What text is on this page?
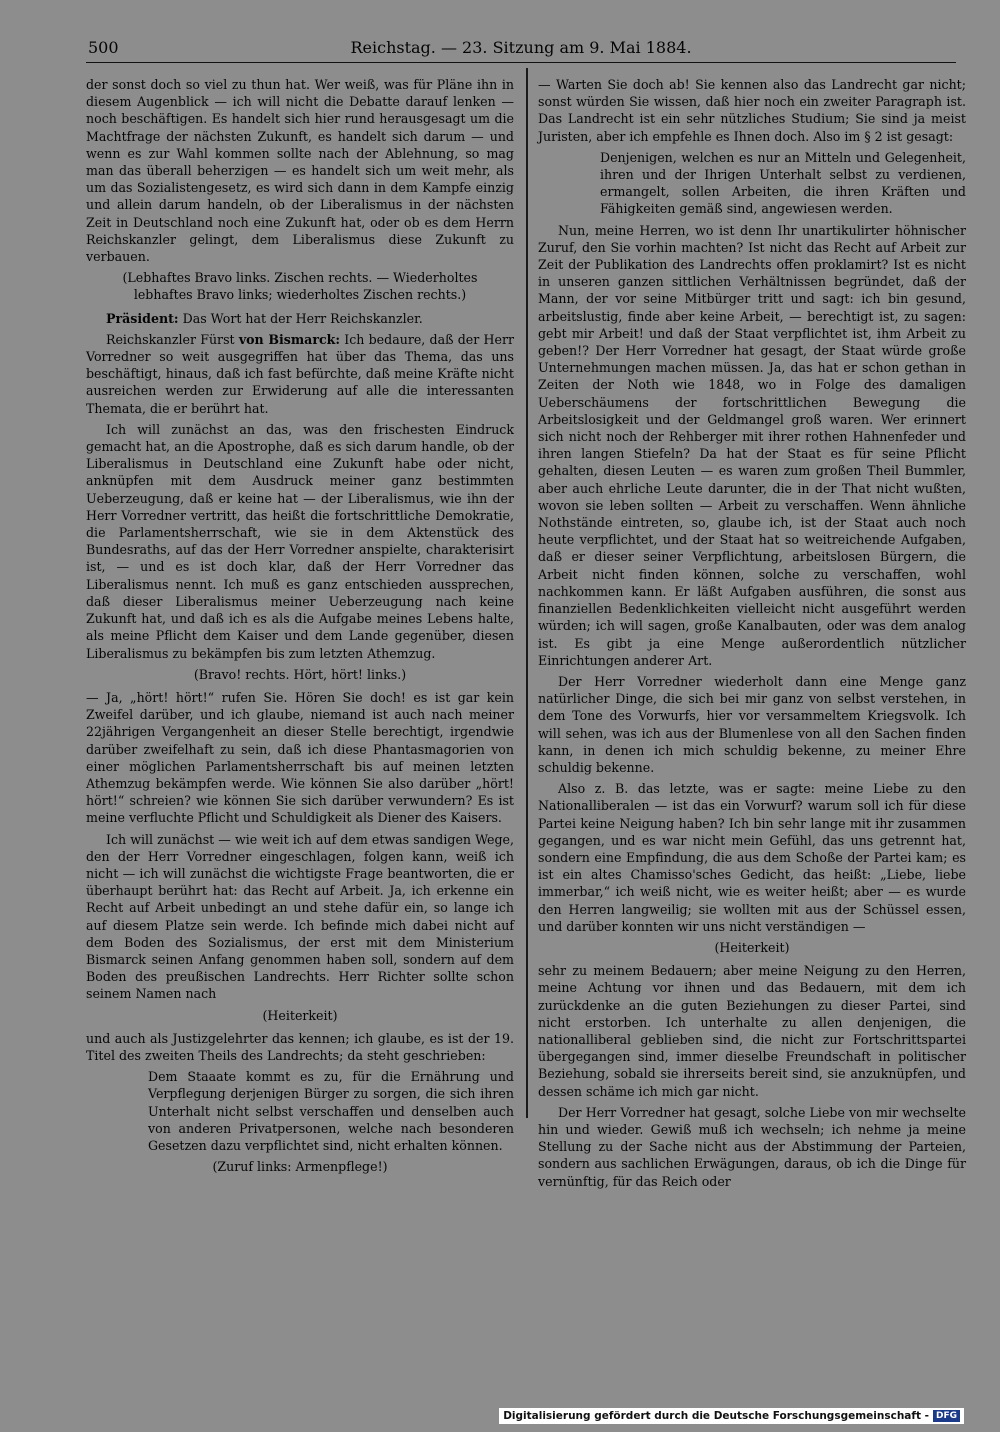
500	Reichstag. — 23. Sitzung am 9. Mai 1884.

der sonst doch so viel zu thun hat. Wer weiß, was für Pläne ihn in diesem Augenblick — ich will nicht die Debatte darauf lenken — noch beschäftigen. Es handelt sich hier rund herausgesagt um die Machtfrage der nächsten Zukunft, es handelt sich darum — und wenn es zur Wahl kommen sollte nach der Ablehnung, so mag man das überall beherzigen — es handelt sich um weit mehr, als um das Sozialistengesetz, es wird sich dann in dem Kampfe einzig und allein darum handeln, ob der Liberalismus in der nächsten Zeit in Deutschland noch eine Zukunft hat, oder ob es dem Herrn Reichskanzler gelingt, dem Liberalismus diese Zukunft zu verbauen.

(Lebhaftes Bravo links. Zischen rechts. — Wiederholtes lebhaftes Bravo links; wiederholtes Zischen rechts.)

Präsident: Das Wort hat der Herr Reichskanzler.

Reichskanzler Fürst von Bismarck: Ich bedaure, daß der Herr Vorredner so weit ausgegriffen hat über das Thema, das uns beschäftigt, hinaus, daß ich fast befürchte, daß meine Kräfte nicht ausreichen werden zur Erwiderung auf alle die interessanten Themata, die er berührt hat.

Ich will zunächst an das, was den frischesten Eindruck gemacht hat, an die Apostrophe, daß es sich darum handle, ob der Liberalismus in Deutschland eine Zukunft habe oder nicht, anknüpfen mit dem Ausdruck meiner ganz bestimmten Ueberzeugung, daß er keine hat — der Liberalismus, wie ihn der Herr Vorredner vertritt, das heißt die fortschrittliche Demokratie, die Parlamentsherrschaft, wie sie in dem Aktenstück des Bundesraths, auf das der Herr Vorredner anspielte, charakterisirt ist, — und es ist doch klar, daß der Herr Vorredner das Liberalismus nennt. Ich muß es ganz entschieden aussprechen, daß dieser Liberalismus meiner Ueberzeugung nach keine Zukunft hat, und daß ich es als die Aufgabe meines Lebens halte, als meine Pflicht dem Kaiser und dem Lande gegenüber, diesen Liberalismus zu bekämpfen bis zum letzten Athemzug.

(Bravo! rechts. Hört, hört! links.)

— Ja, „hört! hört!“ rufen Sie. Hören Sie doch! es ist gar kein Zweifel darüber, und ich glaube, niemand ist auch nach meiner 22jährigen Vergangenheit an dieser Stelle berechtigt, irgendwie darüber zweifelhaft zu sein, daß ich diese Phantasmagorien von einer möglichen Parlamentsherrschaft bis auf meinen letzten Athemzug bekämpfen werde. Wie können Sie also darüber „hört! hört!“ schreien? wie können Sie sich darüber verwundern? Es ist meine verfluchte Pflicht und Schuldigkeit als Diener des Kaisers.

Ich will zunächst — wie weit ich auf dem etwas sandigen Wege, den der Herr Vorredner eingeschlagen, folgen kann, weiß ich nicht — ich will zunächst die wichtigste Frage beantworten, die er überhaupt berührt hat: das Recht auf Arbeit. Ja, ich erkenne ein Recht auf Arbeit unbedingt an und stehe dafür ein, so lange ich auf diesem Platze sein werde. Ich befinde mich dabei nicht auf dem Boden des Sozialismus, der erst mit dem Ministerium Bismarck seinen Anfang genommen haben soll, sondern auf dem Boden des preußischen Landrechts. Herr Richter sollte schon seinem Namen nach

(Heiterkeit)

und auch als Justizgelehrter das kennen; ich glaube, es ist der 19. Titel des zweiten Theils des Landrechts; da steht geschrieben:

Dem Staaate kommt es zu, für die Ernährung und Verpflegung derjenigen Bürger zu sorgen, die sich ihren Unterhalt nicht selbst verschaffen und denselben auch von anderen Privatpersonen, welche nach besonderen Gesetzen dazu verpflichtet sind, nicht erhalten können.

(Zuruf links: Armenpflege!)

— Warten Sie doch ab! Sie kennen also das Landrecht gar nicht; sonst würden Sie wissen, daß hier noch ein zweiter Paragraph ist. Das Landrecht ist ein sehr nützliches Studium; Sie sind ja meist Juristen, aber ich empfehle es Ihnen doch. Also im § 2 ist gesagt:

Denjenigen, welchen es nur an Mitteln und Gelegenheit, ihren und der Ihrigen Unterhalt selbst zu verdienen, ermangelt, sollen Arbeiten, die ihren Kräften und Fähigkeiten gemäß sind, angewiesen werden.

Nun, meine Herren, wo ist denn Ihr unartikulirter höhnischer Zuruf, den Sie vorhin machten? Ist nicht das Recht auf Arbeit zur Zeit der Publikation des Landrechts offen proklamirt? Ist es nicht in unseren ganzen sittlichen Verhältnissen begründet, daß der Mann, der vor seine Mitbürger tritt und sagt: ich bin gesund, arbeitslustig, finde aber keine Arbeit, — berechtigt ist, zu sagen: gebt mir Arbeit! und daß der Staat verpflichtet ist, ihm Arbeit zu geben!? Der Herr Vorredner hat gesagt, der Staat würde große Unternehmungen machen müssen. Ja, das hat er schon gethan in Zeiten der Noth wie 1848, wo in Folge des damaligen Ueberschäumens der fortschrittlichen Bewegung die Arbeitslosigkeit und der Geldmangel groß waren. Wer erinnert sich nicht noch der Rehberger mit ihrer rothen Hahnenfeder und ihren langen Stiefeln? Da hat der Staat es für seine Pflicht gehalten, diesen Leuten — es waren zum großen Theil Bummler, aber auch ehrliche Leute darunter, die in der That nicht wußten, wovon sie leben sollten — Arbeit zu verschaffen. Wenn ähnliche Nothstände eintreten, so, glaube ich, ist der Staat auch noch heute verpflichtet, und der Staat hat so weitreichende Aufgaben, daß er dieser seiner Verpflichtung, arbeitslosen Bürgern, die Arbeit nicht finden können, solche zu verschaffen, wohl nachkommen kann. Er läßt Aufgaben ausführen, die sonst aus finanziellen Bedenklichkeiten vielleicht nicht ausgeführt werden würden; ich will sagen, große Kanalbauten, oder was dem analog ist. Es gibt ja eine Menge außerordentlich nützlicher Einrichtungen anderer Art.

Der Herr Vorredner wiederholt dann eine Menge ganz natürlicher Dinge, die sich bei mir ganz von selbst verstehen, in dem Tone des Vorwurfs, hier vor versammeltem Kriegsvolk. Ich will sehen, was ich aus der Blumenlese von all den Sachen finden kann, in denen ich mich schuldig bekenne, zu meiner Ehre schuldig bekenne.

Also z. B. das letzte, was er sagte: meine Liebe zu den Nationalliberalen — ist das ein Vorwurf? warum soll ich für diese Partei keine Neigung haben? Ich bin sehr lange mit ihr zusammen gegangen, und es war nicht mein Gefühl, das uns getrennt hat, sondern eine Empfindung, die aus dem Schoße der Partei kam; es ist ein altes Chamisso'sches Gedicht, das heißt: „Liebe, liebe immerbar,“ ich weiß nicht, wie es weiter heißt; aber — es wurde den Herren langweilig; sie wollten mit aus der Schüssel essen, und darüber konnten wir uns nicht verständigen —

(Heiterkeit)

sehr zu meinem Bedauern; aber meine Neigung zu den Herren, meine Achtung vor ihnen und das Bedauern, mit dem ich zurückdenke an die guten Beziehungen zu dieser Partei, sind nicht erstorben. Ich unterhalte zu allen denjenigen, die nationalliberal geblieben sind, die nicht zur Fortschrittspartei übergegangen sind, immer dieselbe Freundschaft in politischer Beziehung, sobald sie ihrerseits bereit sind, sie anzuknüpfen, und dessen schäme ich mich gar nicht.

Der Herr Vorredner hat gesagt, solche Liebe von mir wechselte hin und wieder. Gewiß muß ich wechseln; ich nehme ja meine Stellung zu der Sache nicht aus der Abstimmung der Parteien, sondern aus sachlichen Erwägungen, daraus, ob ich die Dinge für vernünftig, für das Reich oder

Digitalisierung gefördert durch die Deutsche Forschungsgemeinschaft - DFG
